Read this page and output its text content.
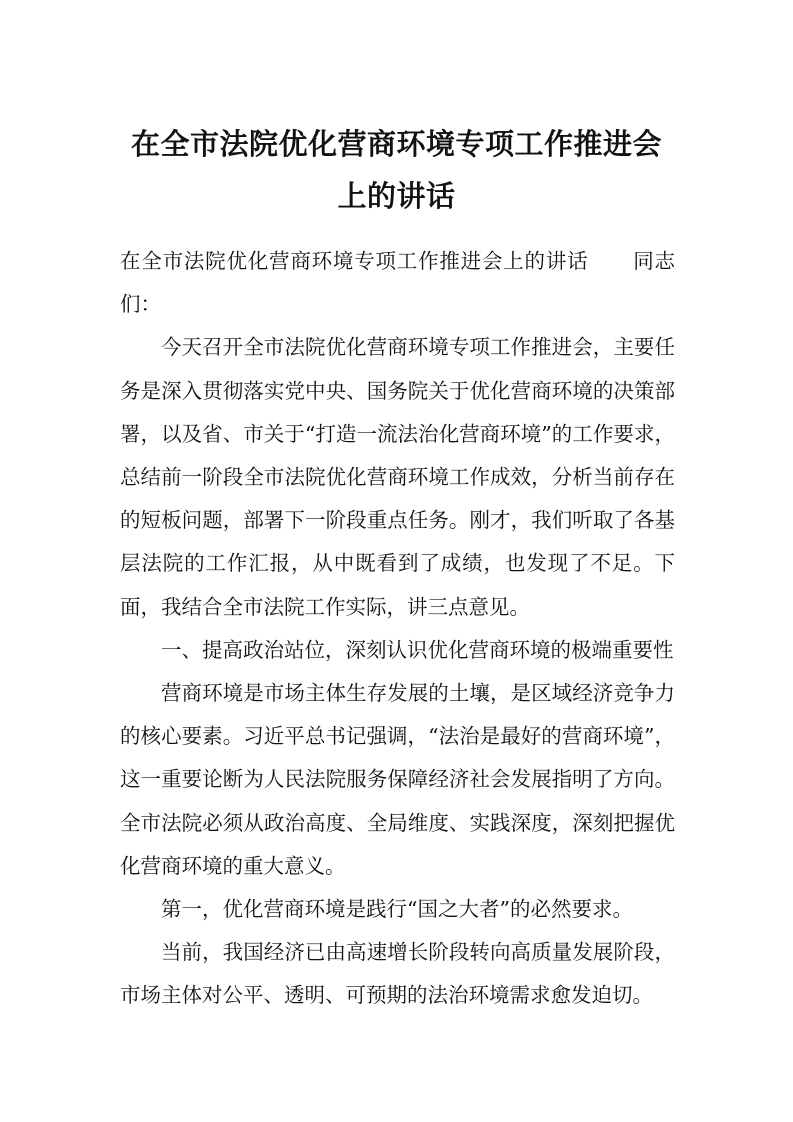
在全市法院优化营商环境专项工作推进会
上的讲话

在全市法院优化营商环境专项工作推进会上的讲话 同志们：

今天召开全市法院优化营商环境专项工作推进会，主要任务是深入贯彻落实党中央、国务院关于优化营商环境的决策部署，以及省、市关于“打造一流法治化营商环境”的工作要求，总结前一阶段全市法院优化营商环境工作成效，分析当前存在的短板问题，部署下一阶段重点任务。刚才，我们听取了各基层法院的工作汇报，从中既看到了成绩，也发现了不足。下面，我结合全市法院工作实际，讲三点意见。

一、提高政治站位，深刻认识优化营商环境的极端重要性

营商环境是市场主体生存发展的土壤，是区域经济竞争力的核心要素。习近平总书记强调，“法治是最好的营商环境”，这一重要论断为人民法院服务保障经济社会发展指明了方向。全市法院必须从政治高度、全局维度、实践深度，深刻把握优化营商环境的重大意义。

第一，优化营商环境是践行“国之大者”的必然要求。

当前，我国经济已由高速增长阶段转向高质量发展阶段，市场主体对公平、透明、可预期的法治环境需求愈发迫切。
